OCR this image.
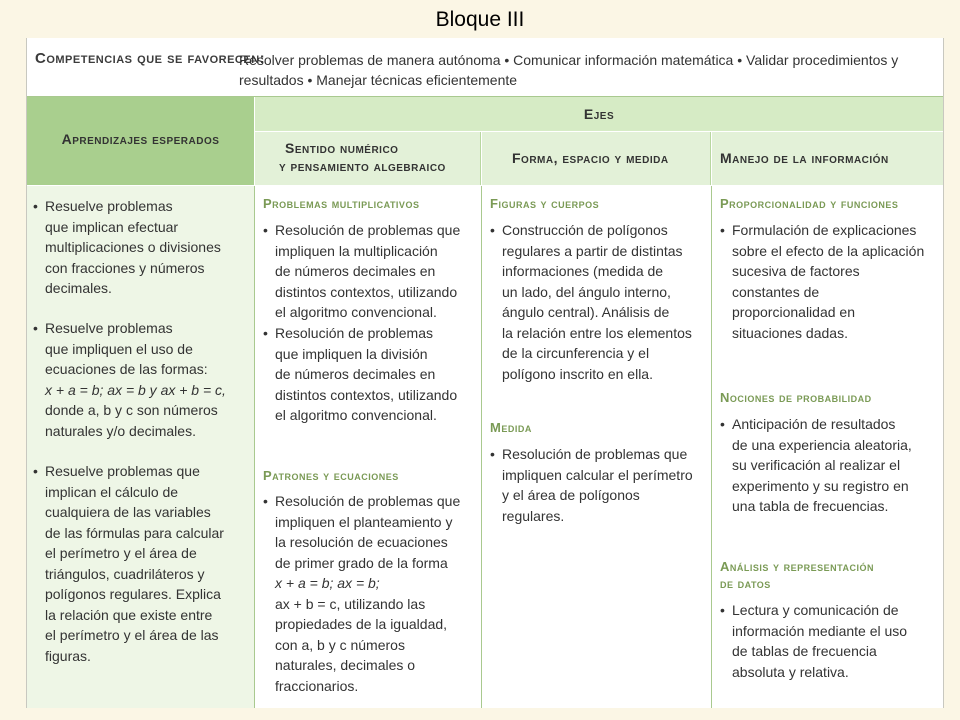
Bloque III
Competencias que se favorecen:
Resolver problemas de manera autónoma • Comunicar información matemática • Validar procedimientos y
resultados • Manejar técnicas eficientemente
Aprendizajes esperados
Ejes
Sentido numérico
y pensamiento algebraico	Forma, espacio y medida	Manejo de la información
• Resuelve problemas
que implican efectuar
multiplicaciones o divisiones
con fracciones y números
decimales.
• Resuelve problemas
que impliquen el uso de
ecuaciones de las formas:
x + a = b; ax = b y ax + b = c,
donde a, b y c son números
naturales y/o decimales.
• Resuelve problemas que
implican el cálculo de
cualquiera de las variables
de las fórmulas para calcular
el perímetro y el área de
triángulos, cuadriláteros y
polígonos regulares. Explica
la relación que existe entre
el perímetro y el área de las
figuras.
Problemas multiplicativos
• Resolución de problemas que
impliquen la multiplicación
de números decimales en
distintos contextos, utilizando
el algoritmo convencional.
• Resolución de problemas
que impliquen la división
de números decimales en
distintos contextos, utilizando
el algoritmo convencional.
Patrones y ecuaciones
• Resolución de problemas que
impliquen el planteamiento y
la resolución de ecuaciones
de primer grado de la forma
x + a = b; ax = b;
ax + b = c, utilizando las
propiedades de la igualdad,
con a, b y c números
naturales, decimales o
fraccionarios.
Figuras y cuerpos
• Construcción de polígonos
regulares a partir de distintas
informaciones (medida de
un lado, del ángulo interno,
ángulo central). Análisis de
la relación entre los elementos
de la circunferencia y el
polígono inscrito en ella.
Medida
• Resolución de problemas que
impliquen calcular el perímetro
y el área de polígonos
regulares.
Proporcionalidad y funciones
• Formulación de explicaciones
sobre el efecto de la aplicación
sucesiva de factores
constantes de
proporcionalidad en
situaciones dadas.
Nociones de probabilidad
• Anticipación de resultados
de una experiencia aleatoria,
su verificación al realizar el
experimento y su registro en
una tabla de frecuencias.
Análisis y representación
de datos
• Lectura y comunicación de
información mediante el uso
de tablas de frecuencia
absoluta y relativa.
